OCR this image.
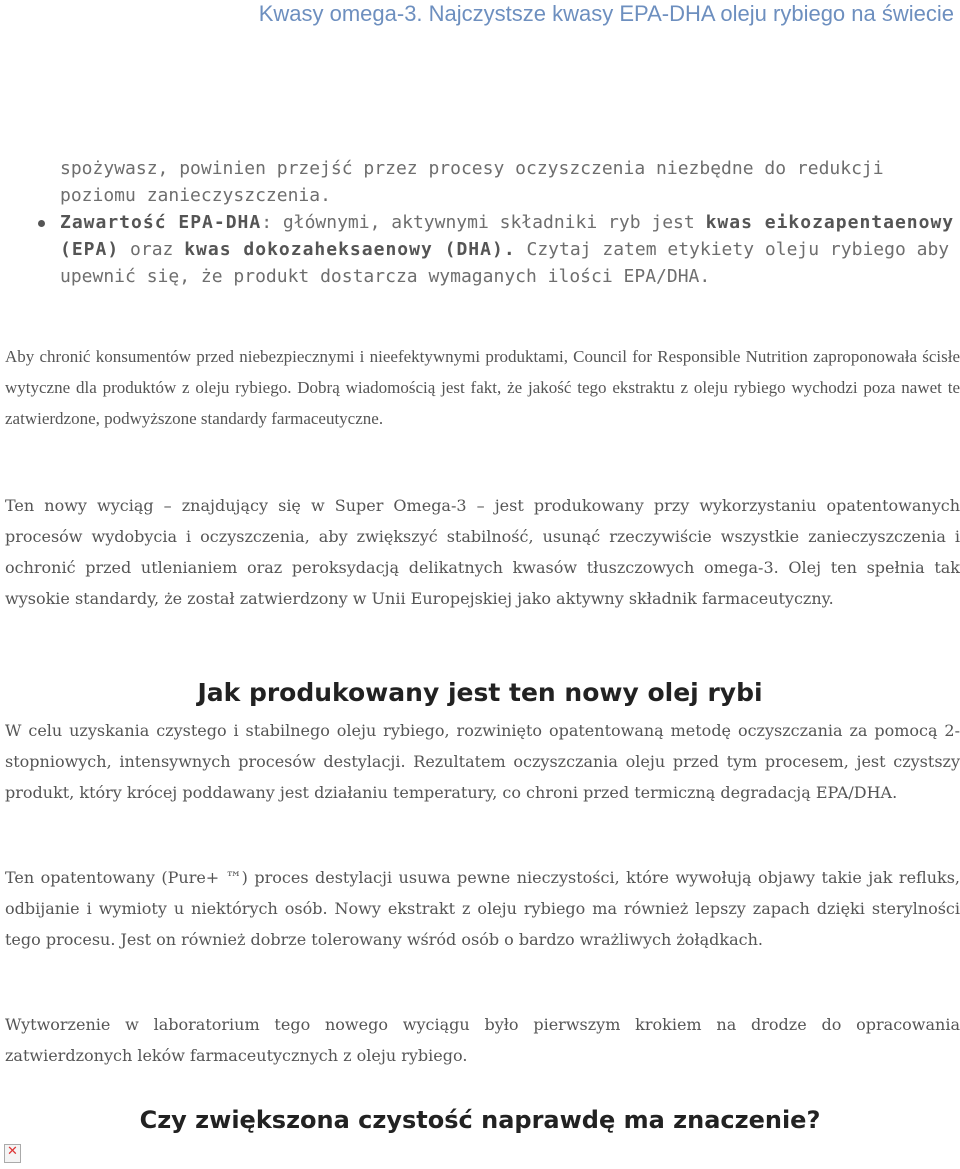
Kwasy omega-3. Najczystsze kwasy EPA-DHA oleju rybiego na świecie
spożywasz, powinien przejść przez procesy oczyszczenia niezbędne do redukcji poziomu zanieczyszczenia.
Zawartość EPA-DHA: głównymi, aktywnymi składniki ryb jest kwas eikozapentaenowy (EPA) oraz kwas dokozaheksaenowy (DHA). Czytaj zatem etykiety oleju rybiego aby upewnić się, że produkt dostarcza wymaganych ilości EPA/DHA.

Aby chronić konsumentów przed niebezpiecznymi i nieefektywnymi produktami, Council for Responsible Nutrition zaproponowała ścisłe wytyczne dla produktów z oleju rybiego. Dobrą wiadomością jest fakt, że jakość tego ekstraktu z oleju rybiego wychodzi poza nawet te zatwierdzone, podwyższone standardy farmaceutyczne.

Ten nowy wyciąg – znajdujący się w Super Omega-3 – jest produkowany przy wykorzystaniu opatentowanych procesów wydobycia i oczyszczenia, aby zwiększyć stabilność, usunąć rzeczywiście wszystkie zanieczyszczenia i ochronić przed utlenianiem oraz peroksydacją delikatnych kwasów tłuszczowych omega-3. Olej ten spełnia tak wysokie standardy, że został zatwierdzony w Unii Europejskiej jako aktywny składnik farmaceutyczny.

Jak produkowany jest ten nowy olej rybi

W celu uzyskania czystego i stabilnego oleju rybiego, rozwinięto opatentowaną metodę oczyszczania za pomocą 2-stopniowych, intensywnych procesów destylacji. Rezultatem oczyszczania oleju przed tym procesem, jest czystszy produkt, który krócej poddawany jest działaniu temperatury, co chroni przed termiczną degradacją EPA/DHA.

Ten opatentowany (Pure+ ™) proces destylacji usuwa pewne nieczystości, które wywołują objawy takie jak refluks, odbijanie i wymioty u niektórych osób. Nowy ekstrakt z oleju rybiego ma również lepszy zapach dzięki sterylności tego procesu. Jest on również dobrze tolerowany wśród osób o bardzo wrażliwych żołądkach.

Wytworzenie w laboratorium tego nowego wyciągu było pierwszym krokiem na drodze do opracowania zatwierdzonych leków farmaceutycznych z oleju rybiego.

✕
Czy zwiększona czystość naprawdę ma znaczenie?
